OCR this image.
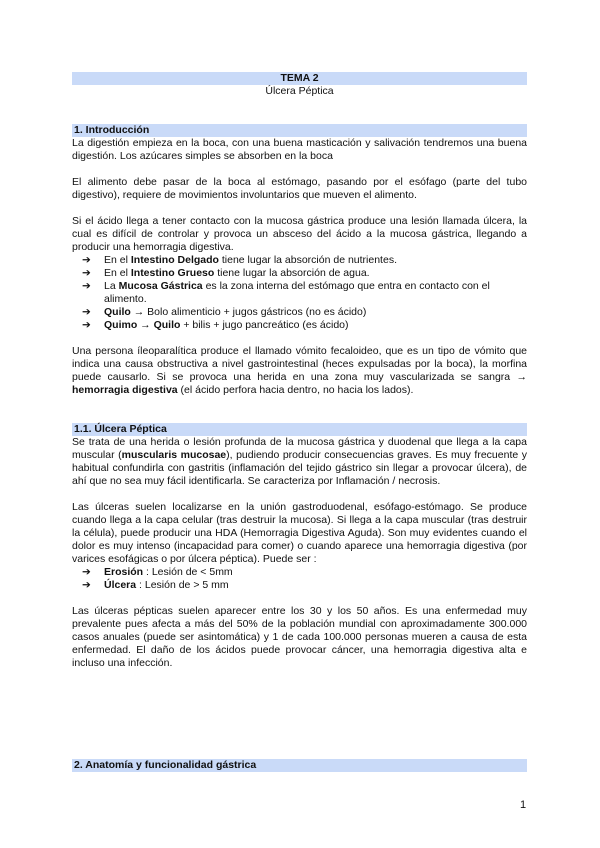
TEMA 2
Úlcera Péptica
1. Introducción

La digestión empieza en la boca, con una buena masticación y salivación tendremos una buena digestión. Los azúcares simples se absorben en la boca

El alimento debe pasar de la boca al estómago, pasando por el esófago (parte del tubo digestivo), requiere de movimientos involuntarios que mueven el alimento.

Si el ácido llega a tener contacto con la mucosa gástrica produce una lesión llamada úlcera, la cual es difícil de controlar y provoca un absceso del ácido a la mucosa gástrica, llegando a producir una hemorragia digestiva.

➔ En el Intestino Delgado tiene lugar la absorción de nutrientes.
➔ En el Intestino Grueso tiene lugar la absorción de agua.
➔ La Mucosa Gástrica es la zona interna del estómago que entra en contacto con el alimento.
➔ Quilo → Bolo alimenticio + jugos gástricos (no es ácido)
➔ Quimo → Quilo + bilis + jugo pancreático (es ácido)

Una persona íleoparalítica produce el llamado vómito fecaloideo, que es un tipo de vómito que indica una causa obstructiva a nivel gastrointestinal (heces expulsadas por la boca), la morfina puede causarlo. Si se provoca una herida en una zona muy vascularizada se sangra → hemorragia digestiva (el ácido perfora hacia dentro, no hacia los lados).

1.1. Úlcera Péptica

Se trata de una herida o lesión profunda de la mucosa gástrica y duodenal que llega a la capa muscular (muscularis mucosae), pudiendo producir consecuencias graves. Es muy frecuente y habitual confundirla con gastritis (inflamación del tejido gástrico sin llegar a provocar úlcera), de ahí que no sea muy fácil identificarla. Se caracteriza por Inflamación / necrosis.

Las úlceras suelen localizarse en la unión gastroduodenal, esófago-estómago. Se produce cuando llega a la capa celular (tras destruir la mucosa). Si llega a la capa muscular (tras destruir la célula), puede producir una HDA (Hemorragia Digestiva Aguda). Son muy evidentes cuando el dolor es muy intenso (incapacidad para comer) o cuando aparece una hemorragia digestiva (por varices esofágicas o por úlcera péptica). Puede ser :

➔ Erosión : Lesión de < 5mm
➔ Úlcera : Lesión de > 5 mm

Las úlceras pépticas suelen aparecer entre los 30 y los 50 años. Es una enfermedad muy prevalente pues afecta a más del 50% de la población mundial con aproximadamente 300.000 casos anuales (puede ser asintomática) y 1 de cada 100.000 personas mueren a causa de esta enfermedad. El daño de los ácidos puede provocar cáncer, una hemorragia digestiva alta e incluso una infección.

2. Anatomía y funcionalidad gástrica
1
